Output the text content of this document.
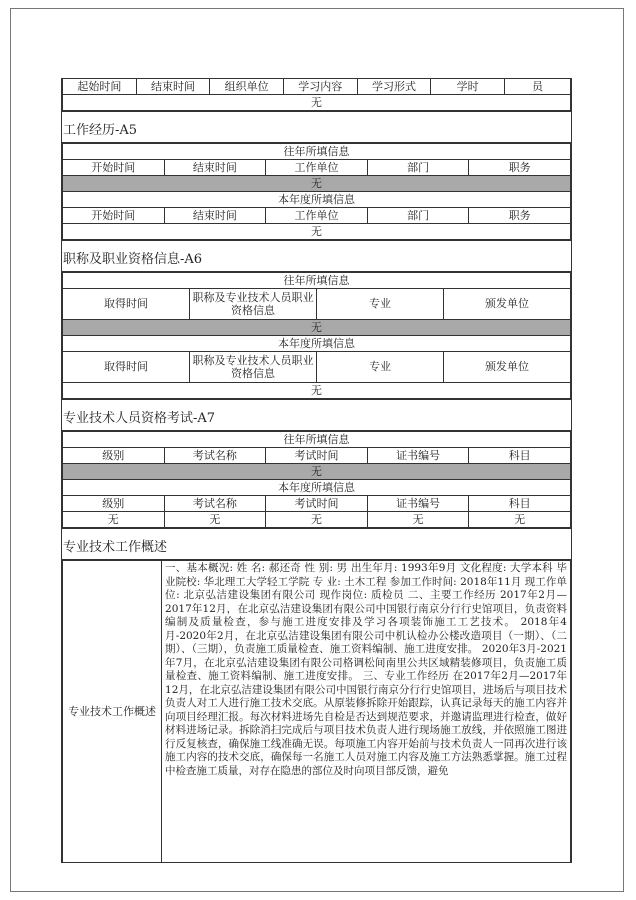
起始时间	结束时间	组织单位	学习内容	学习形式	学时	员
无
工作经历-A5
往年所填信息				
开始时间	结束时间	工作单位	部门	职务
无				
本年度所填信息				
开始时间	结束时间	工作单位	部门	职务
无				
职称及职业资格信息-A6
往年所填信息			
取得时间	职称及专业技术人员职业资格信息	专业	颁发单位
无			
本年度所填信息			
取得时间	职称及专业技术人员职业资格信息	专业	颁发单位
无			
专业技术人员资格考试-A7
往年所填信息				
级别	考试名称	考试时间	证书编号	科目
无				
本年度所填信息				
级别	考试名称	考试时间	证书编号	科目
无	无	无	无	无
专业技术工作概述
专业技术工作概述	一、基本概况: 姓 名: 郝还奇 性 别: 男 出生年月: 1993年9月 文化程度: 大学本科 毕业院校: 华北理工大学轻工学院 专 业: 土木工程 参加工作时间: 2018年11月 现工作单位: 北京弘洁建设集团有限公司 现作岗位: 质检员 二、主要工作经历 2017年2月—2017年12月，在北京弘洁建设集团有限公司中国银行南京分行行史馆项目，负责资料编制及质量检查，参与施工进度安排及学习各项装饰施工工艺技术。 2018年4月-2020年2月，在北京弘洁建设集团有限公司中机认检办公楼改造项目（一期）、（二期）、（三期），负责施工质量检查、施工资料编制、施工进度安排。 2020年3月-2021年7月，在北京弘洁建设集团有限公司格调松间南里公共区域精装修项目，负责施工质量检查、施工资料编制、施工进度安排。 三、专业工作经历 在2017年2月—2017年12月，在北京弘洁建设集团有限公司中国银行南京分行行史馆项目，进场后与项目技术负责人对工人进行施工技术交底。从原装修拆除开始跟踪，认真记录每天的施工内容并向项目经理汇报。每次材料进场先自检是否达到规范要求，并邀请监理进行检查，做好材料进场记录。拆除消扫完成后与项目技术负责人进行现场施工放线，并依照施工图进行反复核查，确保施工线准确无误。每项施工内容开始前与技术负责人一同再次进行该施工内容的技术交底，确保每一名施工人员对施工内容及施工方法熟悉掌握。施工过程中检查施工质量，对存在隐患的部位及时向项目部反馈，避免
